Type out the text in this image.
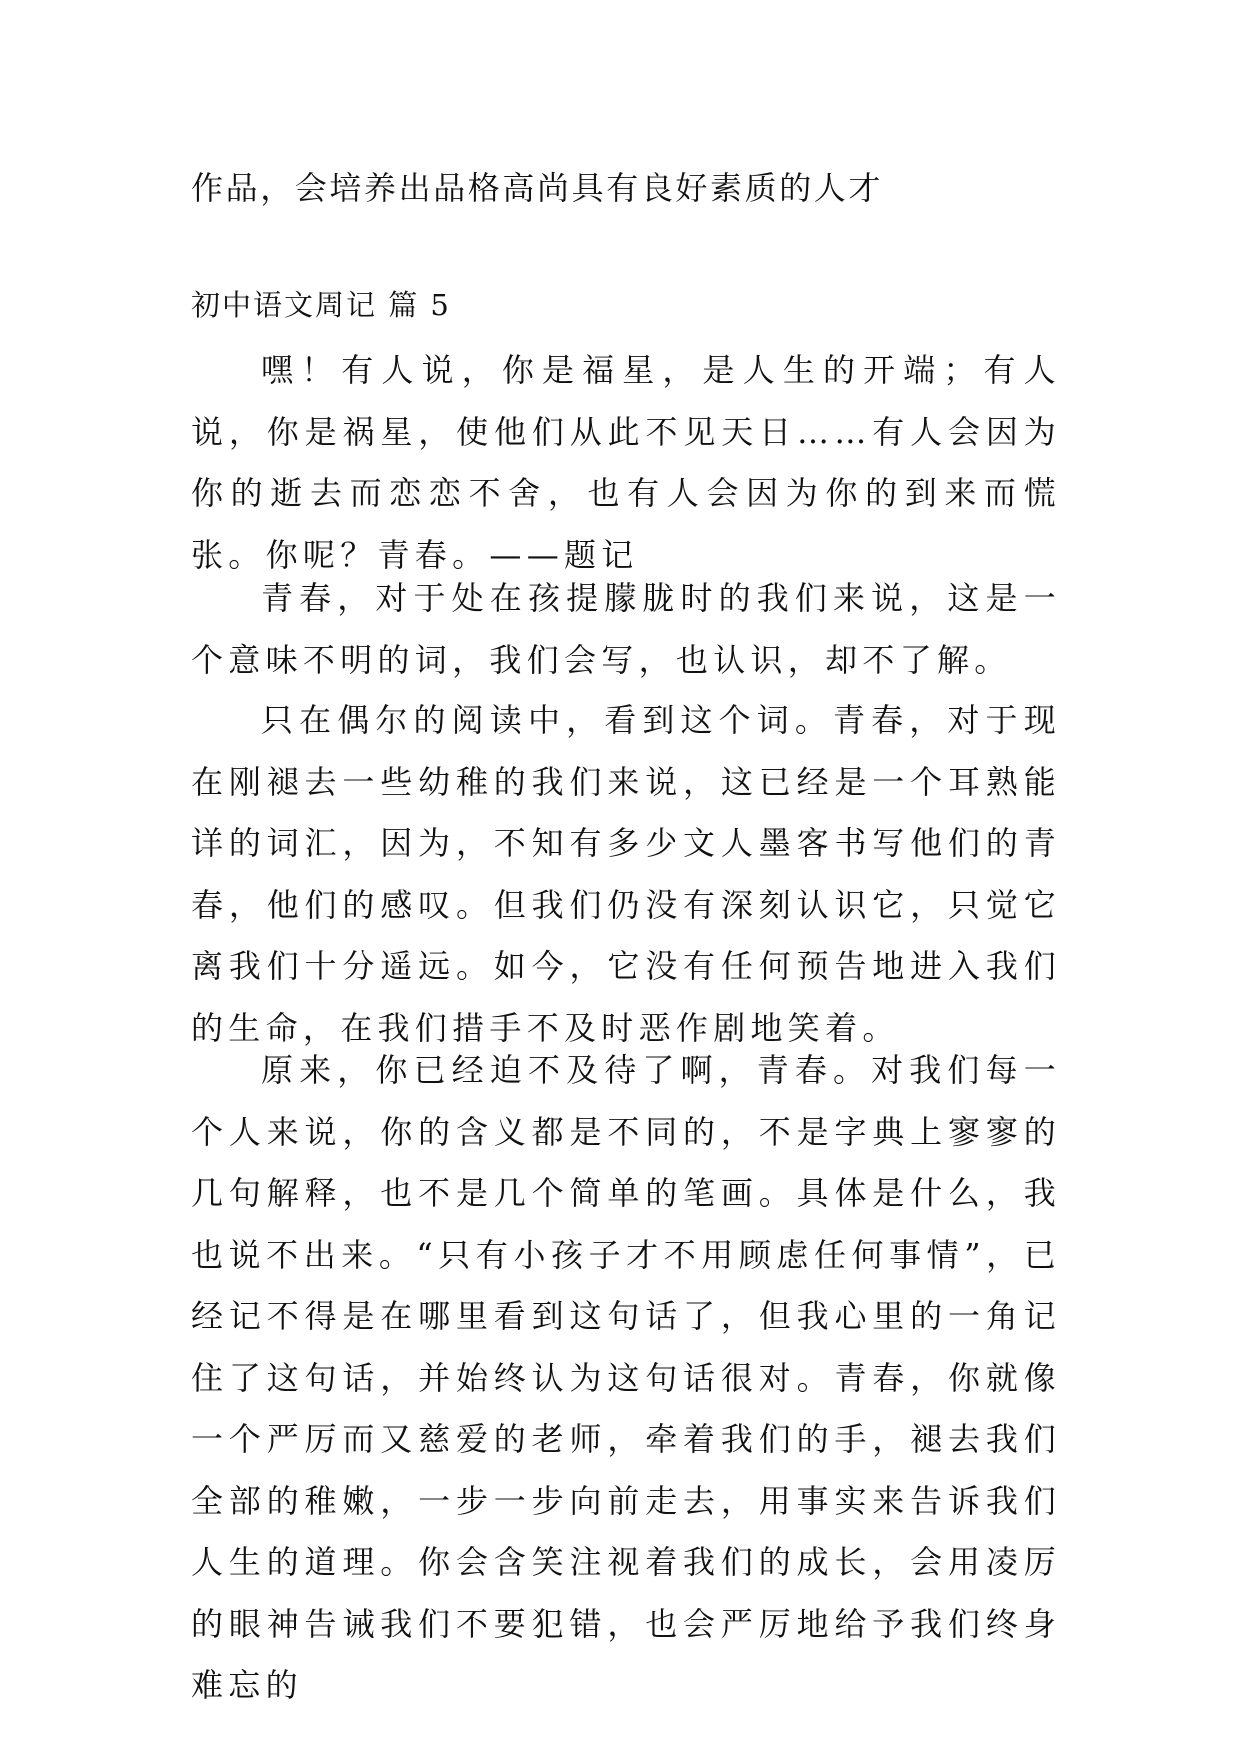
作品，会培养出品格高尚具有良好素质的人才
初中语文周记 篇 5

嘿！有人说，你是福星，是人生的开端；有人说，你是祸星，使他们从此不见天日……有人会因为你的逝去而恋恋不舍，也有人会因为你的到来而慌张。你呢？青春。——题记

青春，对于处在孩提朦胧时的我们来说，这是一个意味不明的词，我们会写，也认识，却不了解。

只在偶尔的阅读中，看到这个词。青春，对于现在刚褪去一些幼稚的我们来说，这已经是一个耳熟能详的词汇，因为，不知有多少文人墨客书写他们的青春，他们的感叹。但我们仍没有深刻认识它，只觉它离我们十分遥远。如今，它没有任何预告地进入我们的生命，在我们措手不及时恶作剧地笑着。

原来，你已经迫不及待了啊，青春。对我们每一个人来说，你的含义都是不同的，不是字典上寥寥的几句解释，也不是几个简单的笔画。具体是什么，我也说不出来。“只有小孩子才不用顾虑任何事情”，已经记不得是在哪里看到这句话了，但我心里的一角记住了这句话，并始终认为这句话很对。青春，你就像一个严厉而又慈爱的老师，牵着我们的手，褪去我们全部的稚嫩，一步一步向前走去，用事实来告诉我们人生的道理。你会含笑注视着我们的成长，会用凌厉的眼神告诫我们不要犯错，也会严厉地给予我们终身难忘的
